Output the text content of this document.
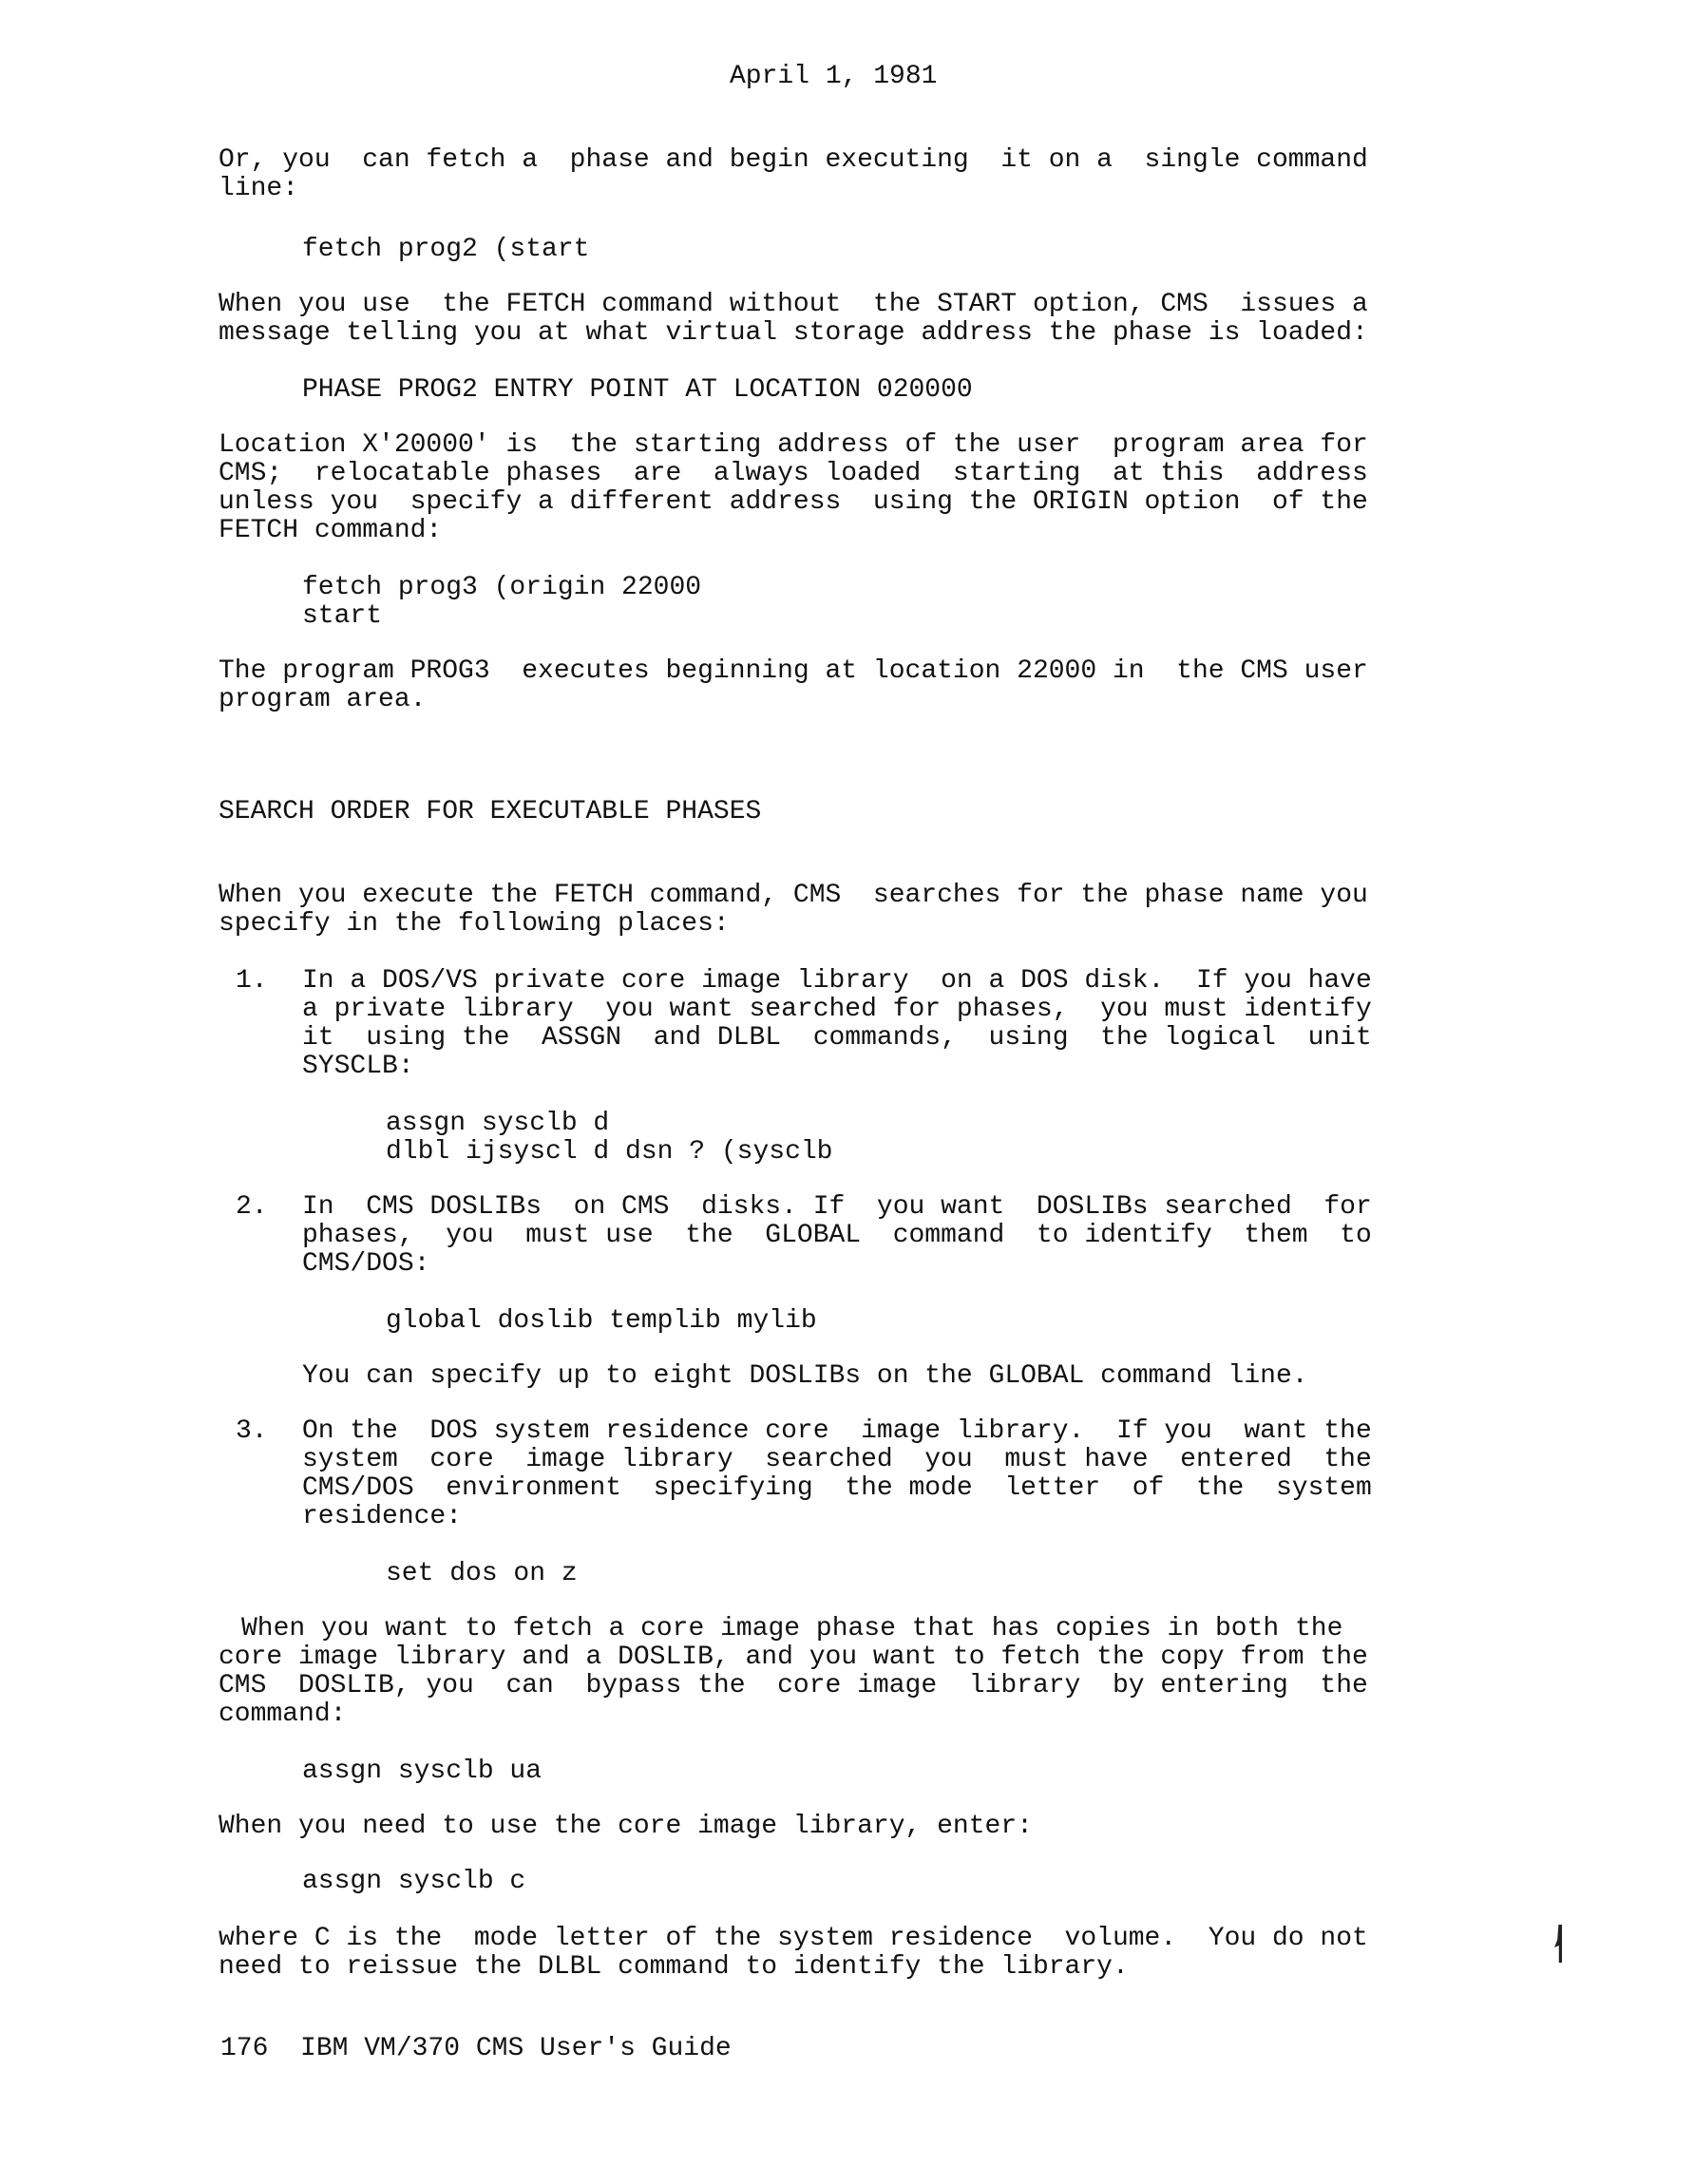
April 1, 1981

Or, you  can fetch a  phase and begin executing  it on a  single command

line:

fetch prog2 (start

When you use  the FETCH command without  the START option, CMS  issues a

message telling you at what virtual storage address the phase is loaded:

PHASE PROG2 ENTRY POINT AT LOCATION 020000

Location X'20000' is  the starting address of the user  program area for

CMS;  relocatable phases  are  always loaded  starting  at this  address

unless you  specify a different address  using the ORIGIN option  of the

FETCH command:

fetch prog3 (origin 22000

start

The program PROG3  executes beginning at location 22000 in  the CMS user

program area.

SEARCH ORDER FOR EXECUTABLE PHASES

When you execute the FETCH command, CMS  searches for the phase name you

specify in the following places:

1. In a DOS/VS private core image library  on a DOS disk.  If you have

a private library  you want searched for phases,  you must identify

it  using the  ASSGN  and DLBL  commands,  using  the logical  unit

SYSCLB:

assgn sysclb d

dlbl ijsyscl d dsn ? (sysclb

2. In  CMS DOSLIBs  on CMS  disks. If  you want  DOSLIBs searched  for

phases,  you  must use  the  GLOBAL  command  to identify  them  to

CMS/DOS:

global doslib templib mylib

You can specify up to eight DOSLIBs on the GLOBAL command line.

3. On the  DOS system residence core  image library.  If you  want the

system  core  image library  searched  you  must have  entered  the

CMS/DOS  environment  specifying  the mode  letter  of  the  system

residence:

set dos on z

When you want to fetch a core image phase that has copies in both the

core image library and a DOSLIB, and you want to fetch the copy from the

CMS  DOSLIB, you  can  bypass the  core image  library  by entering  the

command:

assgn sysclb ua

When you need to use the core image library, enter:

assgn sysclb c

where C is the  mode letter of the system residence  volume.  You do not

need to reissue the DLBL command to identify the library.

176  IBM VM/370 CMS User's Guide
